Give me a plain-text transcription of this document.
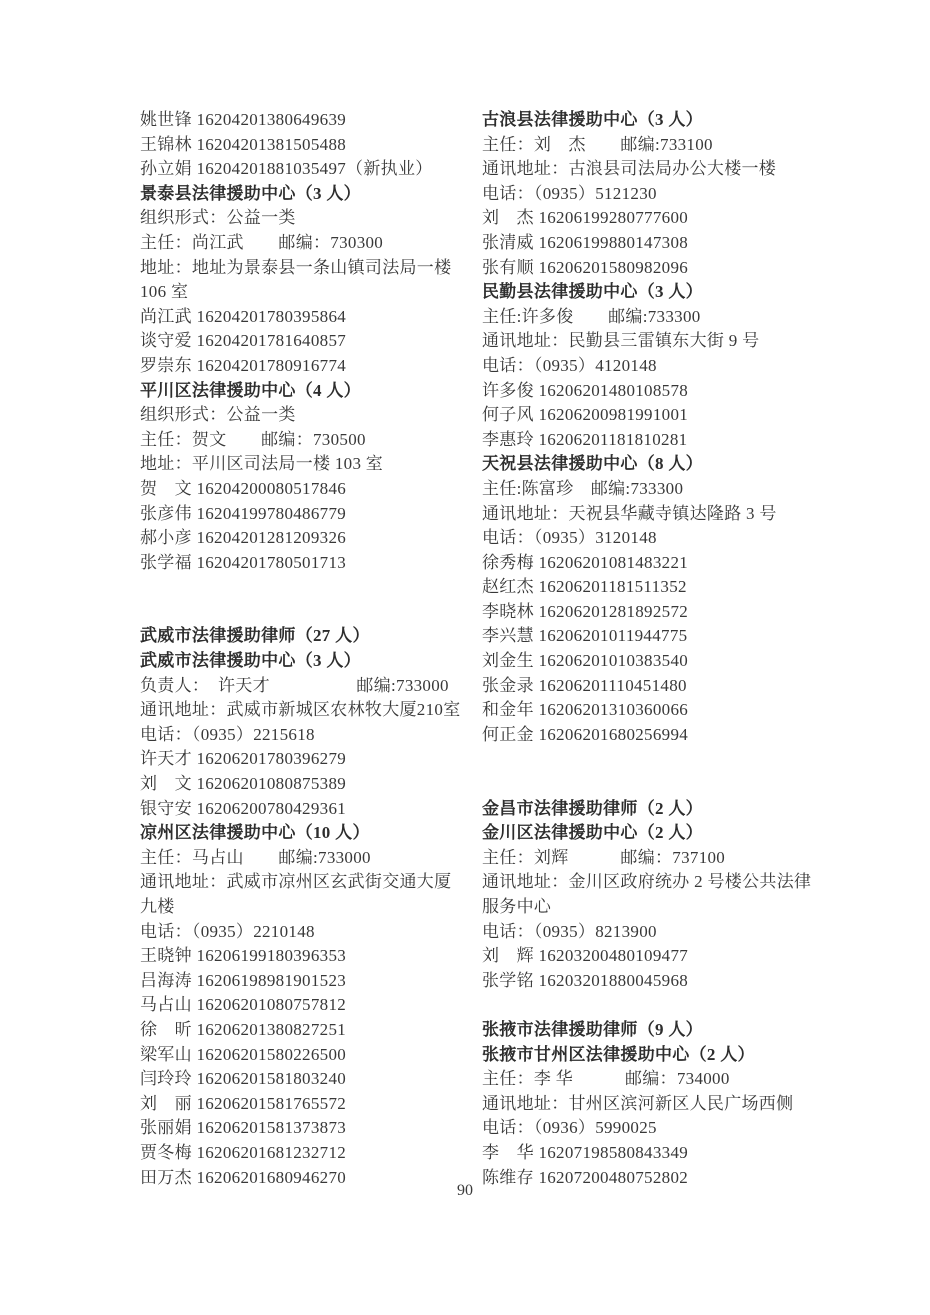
姚世锋 16204201380649639
王锦林 16204201381505488
孙立娟 16204201881035497（新执业）
景泰县法律援助中心（3 人）
组织形式：公益一类
主任：尚江武　　邮编：730300
地址：地址为景泰县一条山镇司法局一楼
106 室
尚江武 16204201780395864
谈守爱 16204201781640857
罗崇东 16204201780916774
平川区法律援助中心（4 人）
组织形式：公益一类
主任：贺文　　邮编：730500
地址：平川区司法局一楼 103 室
贺　文 16204200080517846
张彦伟 16204199780486779
郝小彦 16204201281209326
张学福 16204201780501713

武威市法律援助律师（27 人）
武威市法律援助中心（3 人）
负责人：　许天才　　　　　邮编:733000
通讯地址：武威市新城区农林牧大厦210室
电话：（0935）2215618
许天才 16206201780396279
刘　文 16206201080875389
银守安 16206200780429361
凉州区法律援助中心（10 人）
主任：马占山　　邮编:733000
通讯地址：武威市凉州区玄武街交通大厦
九楼
电话：（0935）2210148
王晓钟 16206199180396353
吕海涛 16206198981901523
马占山 16206201080757812
徐　昕 16206201380827251
梁军山 16206201580226500
闫玲玲 16206201581803240
刘　丽 16206201581765572
张丽娟 16206201581373873
贾冬梅 16206201681232712
田万杰 16206201680946270
古浪县法律援助中心（3 人）
主任：刘　杰　　邮编:733100
通讯地址：古浪县司法局办公大楼一楼
电话：（0935）5121230
刘　杰 16206199280777600
张清威 16206199880147308
张有顺 16206201580982096
民勤县法律援助中心（3 人）
主任:许多俊　　邮编:733300
通讯地址：民勤县三雷镇东大街 9 号
电话：（0935）4120148
许多俊 16206201480108578
何子风 16206200981991001
李惠玲 16206201181810281
天祝县法律援助中心（8 人）
主任:陈富珍　邮编:733300
通讯地址：天祝县华藏寺镇达隆路 3 号
电话：（0935）3120148
徐秀梅 16206201081483221
赵红杰 16206201181511352
李晓林 16206201281892572
李兴慧 16206201011944775
刘金生 16206201010383540
张金录 16206201110451480
和金年 16206201310360066
何正金 16206201680256994

金昌市法律援助律师（2 人）
金川区法律援助中心（2 人）
主任：刘辉　　　邮编：737100
通讯地址：金川区政府统办 2 号楼公共法律
服务中心
电话：（0935）8213900
刘　辉 16203200480109477
张学铭 16203201880045968

张掖市法律援助律师（9 人）
张掖市甘州区法律援助中心（2 人）
主任：李 华　　　邮编：734000
通讯地址：甘州区滨河新区人民广场西侧
电话：（0936）5990025
李　华 16207198580843349
陈维存 16207200480752802
90
